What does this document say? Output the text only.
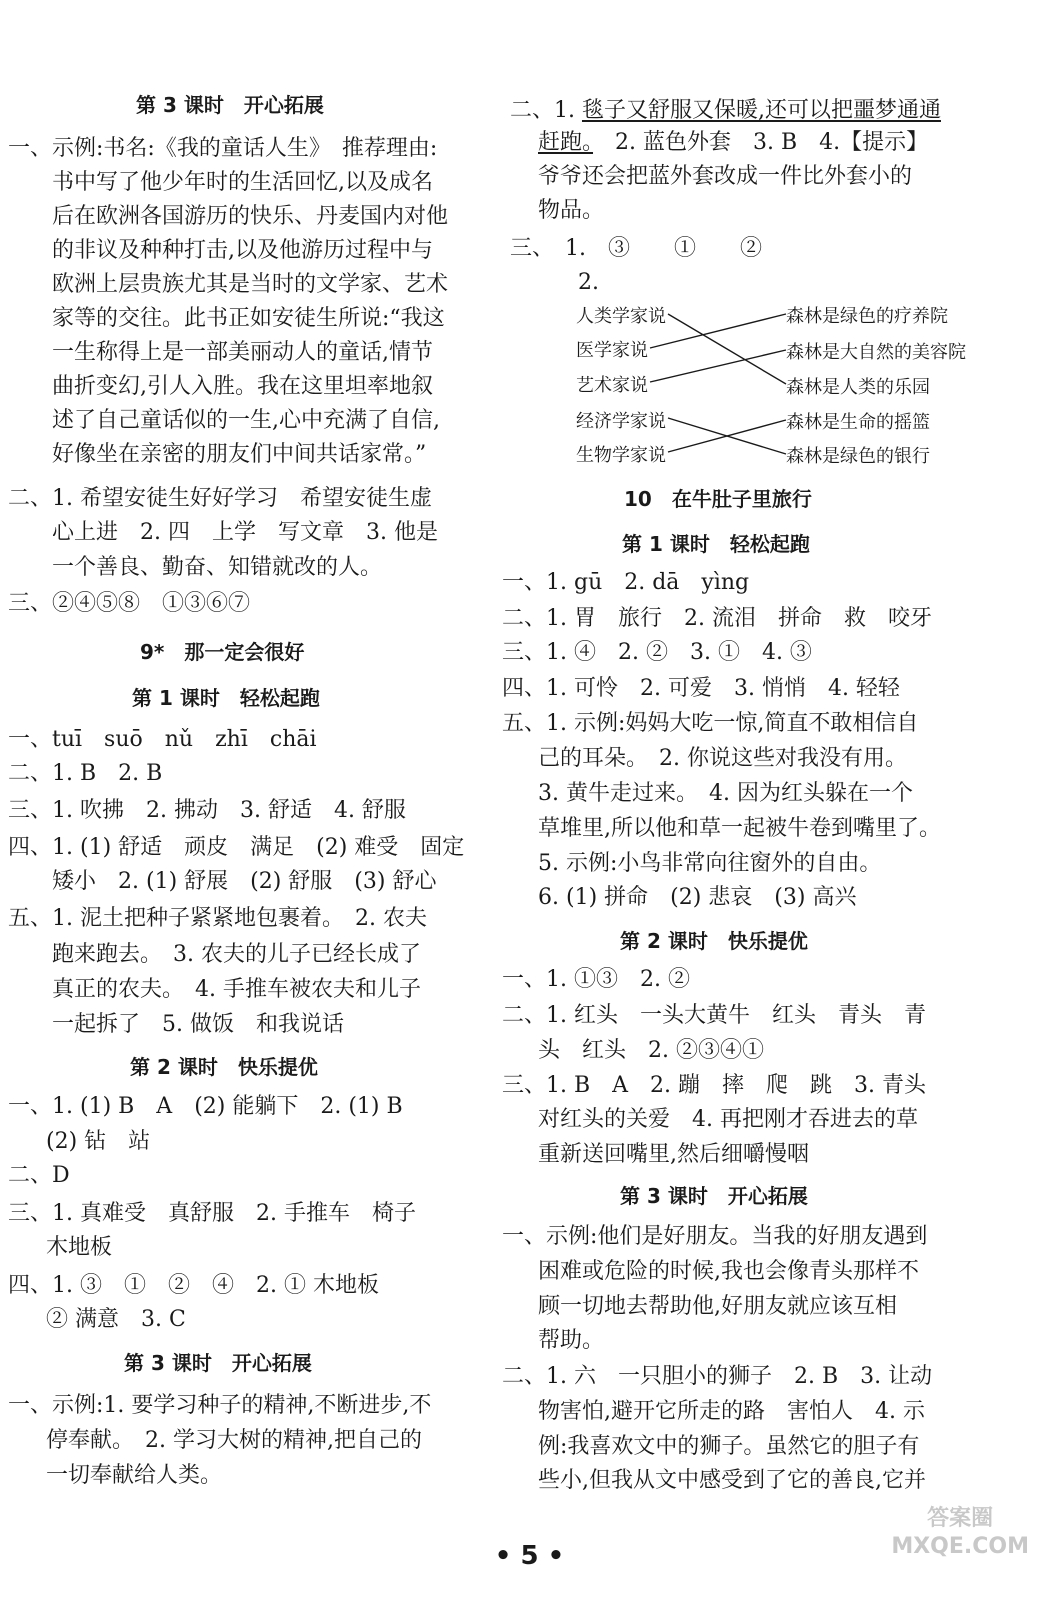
第 3 课时　开心拓展
一、示例:书名:《我的童话人生》　推荐理由:
书中写了他少年时的生活回忆,以及成名
后在欧洲各国游历的快乐、丹麦国内对他
的非议及种种打击,以及他游历过程中与
欧洲上层贵族尤其是当时的文学家、艺术
家等的交往。此书正如安徒生所说:“我这
一生称得上是一部美丽动人的童话,情节
曲折变幻,引人入胜。我在这里坦率地叙
述了自己童话似的一生,心中充满了自信,
好像坐在亲密的朋友们中间共话家常。”
二、1. 希望安徒生好好学习　希望安徒生虚
心上进　2. 四　上学　写文章　3. 他是
一个善良、勤奋、知错就改的人。
三、②④⑤⑧　①③⑥⑦
9*　那一定会很好
第 1 课时　轻松起跑
一、tuī　suō　nǔ　zhī　chāi
二、1. B　2. B
三、1. 吹拂　2. 拂动　3. 舒适　4. 舒服
四、1. (1) 舒适　顽皮　满足　(2) 难受　固定
矮小　2. (1) 舒展　(2) 舒服　(3) 舒心
五、1. 泥土把种子紧紧地包裹着。　2. 农夫
跑来跑去。　3. 农夫的儿子已经长成了
真正的农夫。　4. 手推车被农夫和儿子
一起拆了　5. 做饭　和我说话
第 2 课时　快乐提优
一、1. (1) B　A　(2) 能躺下　2. (1) B
(2) 钻　站
二、D
三、1. 真难受　真舒服　2. 手推车　椅子
木地板
四、1. ③　①　②　④　2. ① 木地板
② 满意　3. C
第 3 课时　开心拓展
一、示例:1. 要学习种子的精神,不断进步,不
停奉献。　2. 学习大树的精神,把自己的
一切奉献给人类。
二、1. 毯子又舒服又保暖,还可以把噩梦通通
赶跑。　2. 蓝色外套　3. B　4.【提示】
爷爷还会把蓝外套改成一件比外套小的
物品。
三、　1.　③　　①　　②
2.
人类学家说
医学家说
艺术家说
经济学家说
生物学家说
森林是绿色的疗养院
森林是大自然的美容院
森林是人类的乐园
森林是生命的摇篮
森林是绿色的银行
10　在牛肚子里旅行
第 1 课时　轻松起跑
一、1. gū　2. dā　yìng
二、1. 胃　旅行　2. 流泪　拼命　救　咬牙
三、1. ④　2. ②　3. ①　4. ③
四、1. 可怜　2. 可爱　3. 悄悄　4. 轻轻
五、1. 示例:妈妈大吃一惊,简直不敢相信自
己的耳朵。　2. 你说这些对我没有用。
3. 黄牛走过来。　4. 因为红头躲在一个
草堆里,所以他和草一起被牛卷到嘴里了。
5. 示例:小鸟非常向往窗外的自由。
6. (1) 拼命　(2) 悲哀　(3) 高兴
第 2 课时　快乐提优
一、1. ①③　2. ②
二、1. 红头　一头大黄牛　红头　青头　青
头　红头　2. ②③④①
三、1. B　A　2. 蹦　摔　爬　跳　3. 青头
对红头的关爱　4. 再把刚才吞进去的草
重新送回嘴里,然后细嚼慢咽
第 3 课时　开心拓展
一、示例:他们是好朋友。当我的好朋友遇到
困难或危险的时候,我也会像青头那样不
顾一切地去帮助他,好朋友就应该互相
帮助。
二、1. 六　一只胆小的狮子　2. B　3. 让动
物害怕,避开它所走的路　害怕人　4. 示
例:我喜欢文中的狮子。虽然它的胆子有
些小,但我从文中感受到了它的善良,它并
• 5 •
答案圈
MXQE.COM
